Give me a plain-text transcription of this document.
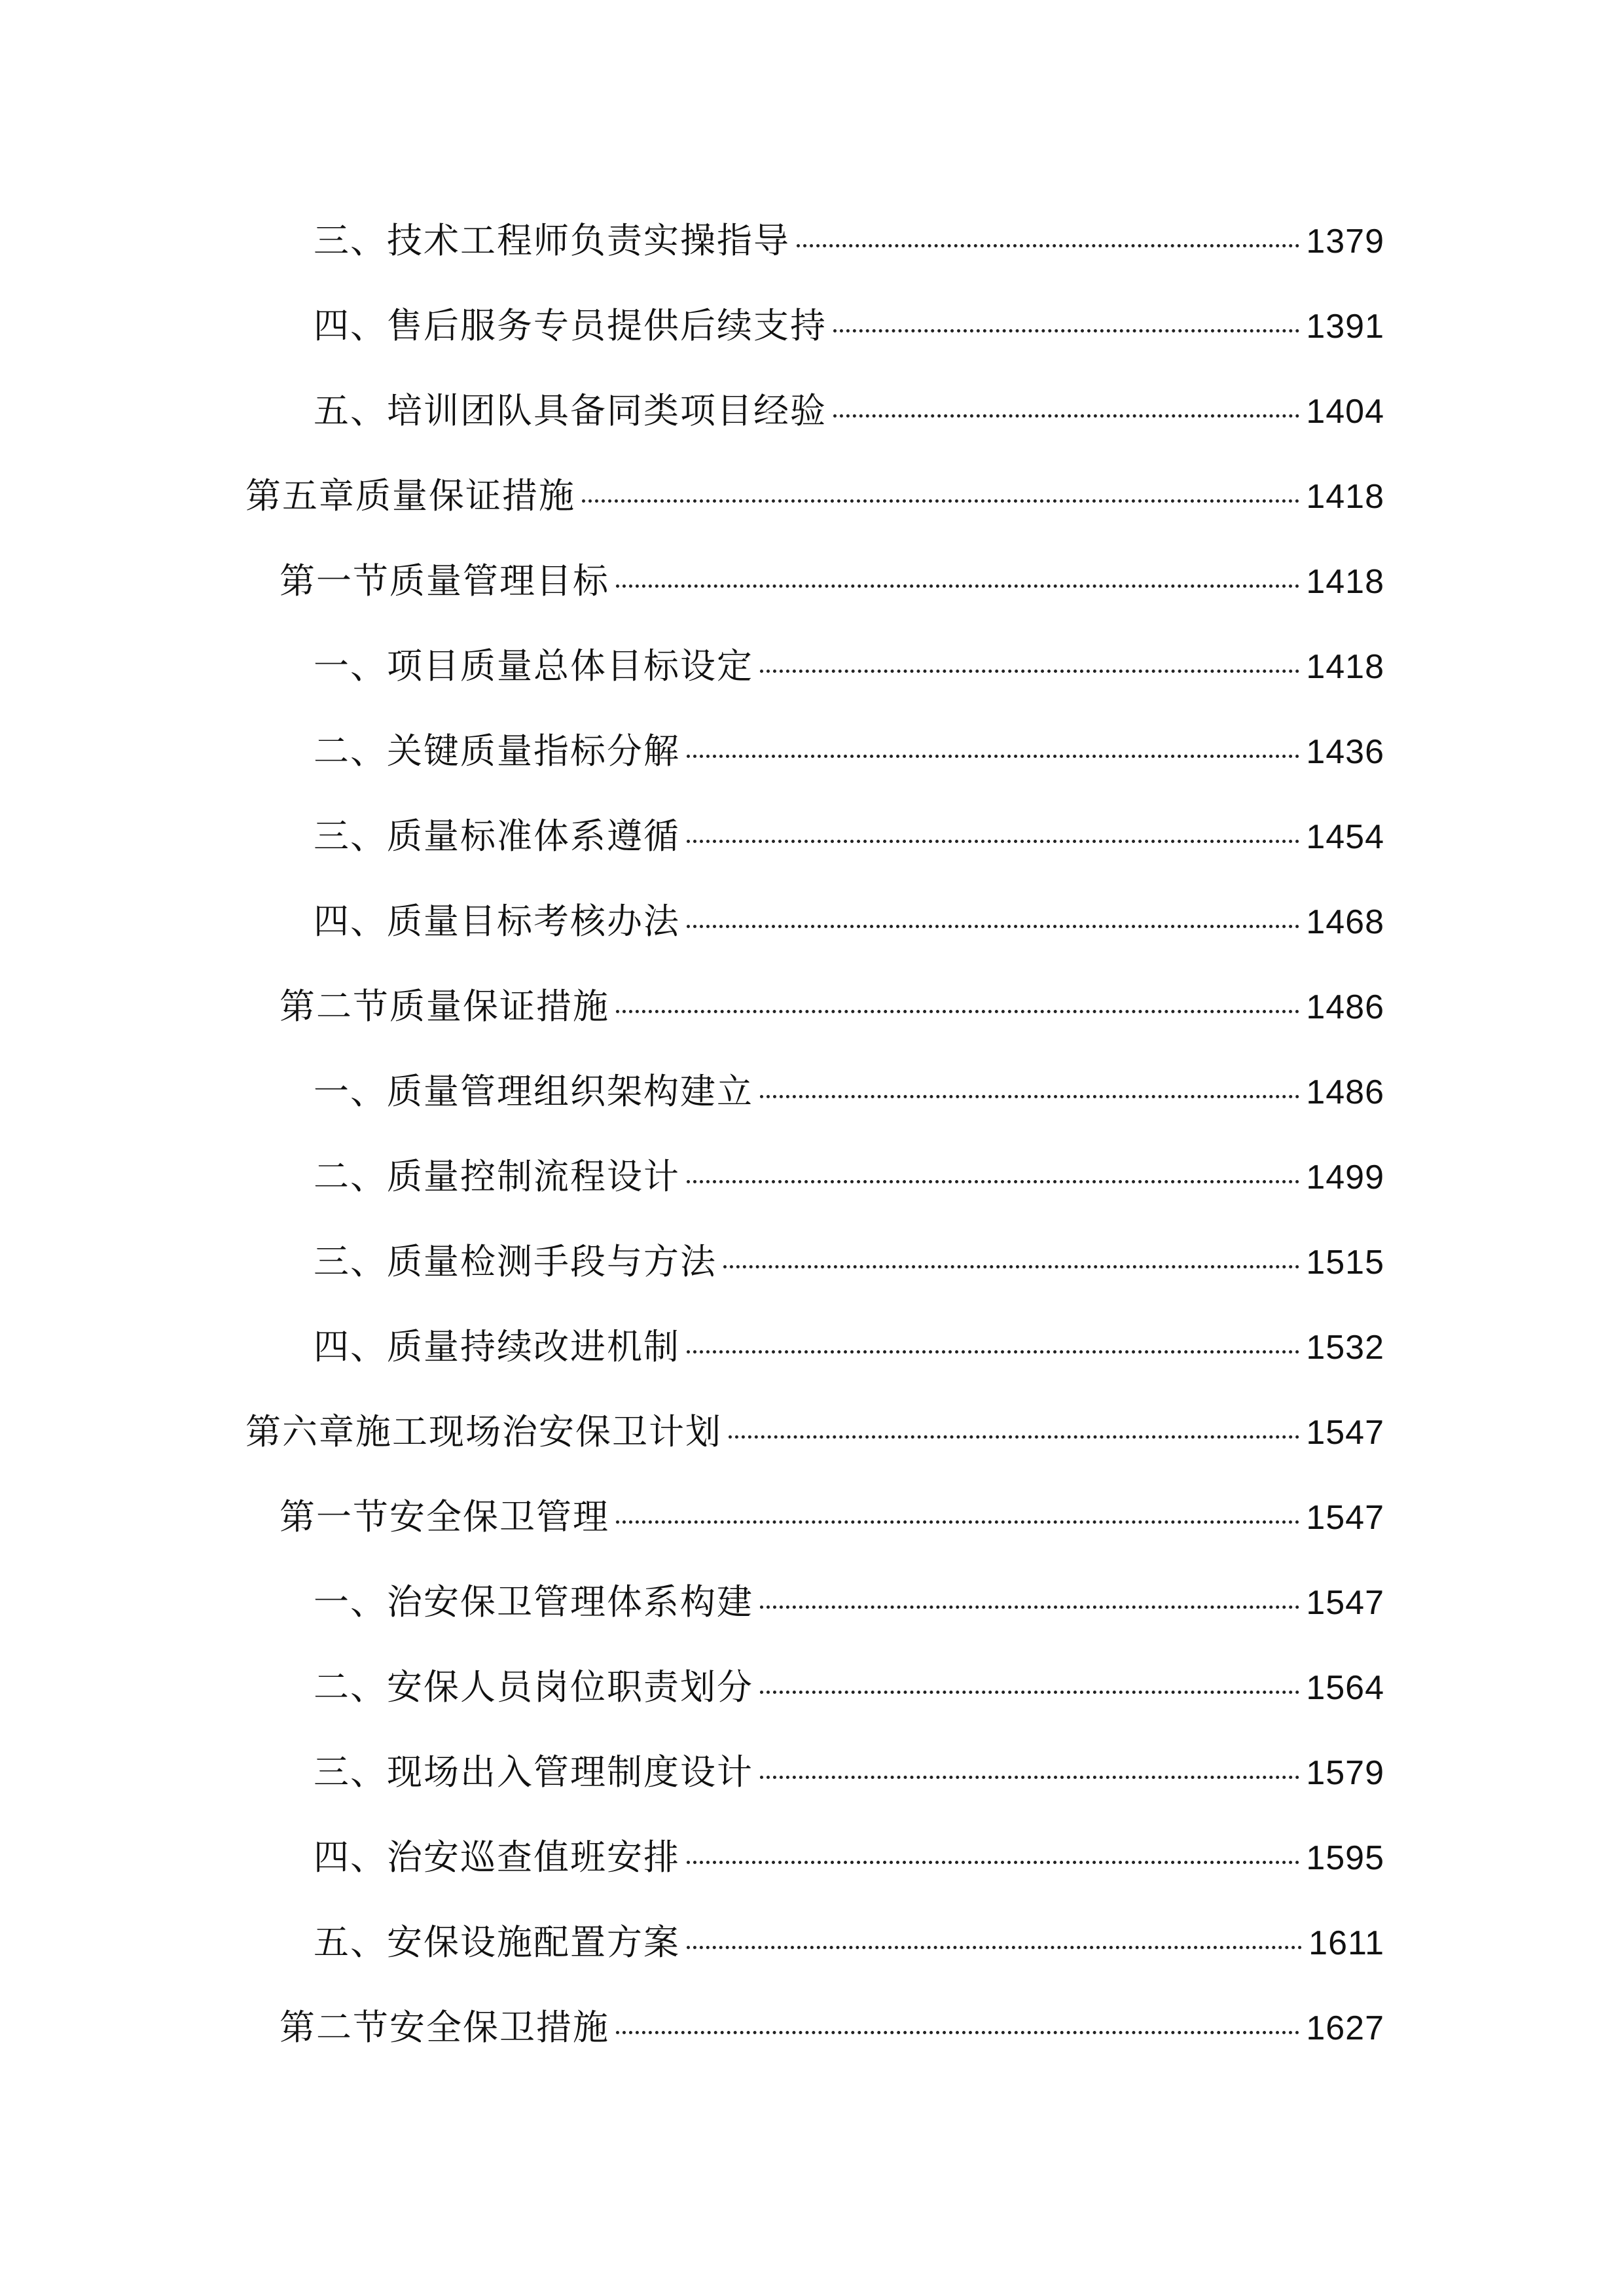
三、技术工程师负责实操指导	1379
四、售后服务专员提供后续支持	1391
五、培训团队具备同类项目经验	1404
第五章质量保证措施	1418
第一节质量管理目标	1418
一、项目质量总体目标设定	1418
二、关键质量指标分解	1436
三、质量标准体系遵循	1454
四、质量目标考核办法	1468
第二节质量保证措施	1486
一、质量管理组织架构建立	1486
二、质量控制流程设计	1499
三、质量检测手段与方法	1515
四、质量持续改进机制	1532
第六章施工现场治安保卫计划	1547
第一节安全保卫管理	1547
一、治安保卫管理体系构建	1547
二、安保人员岗位职责划分	1564
三、现场出入管理制度设计	1579
四、治安巡查值班安排	1595
五、安保设施配置方案	1611
第二节安全保卫措施	1627
